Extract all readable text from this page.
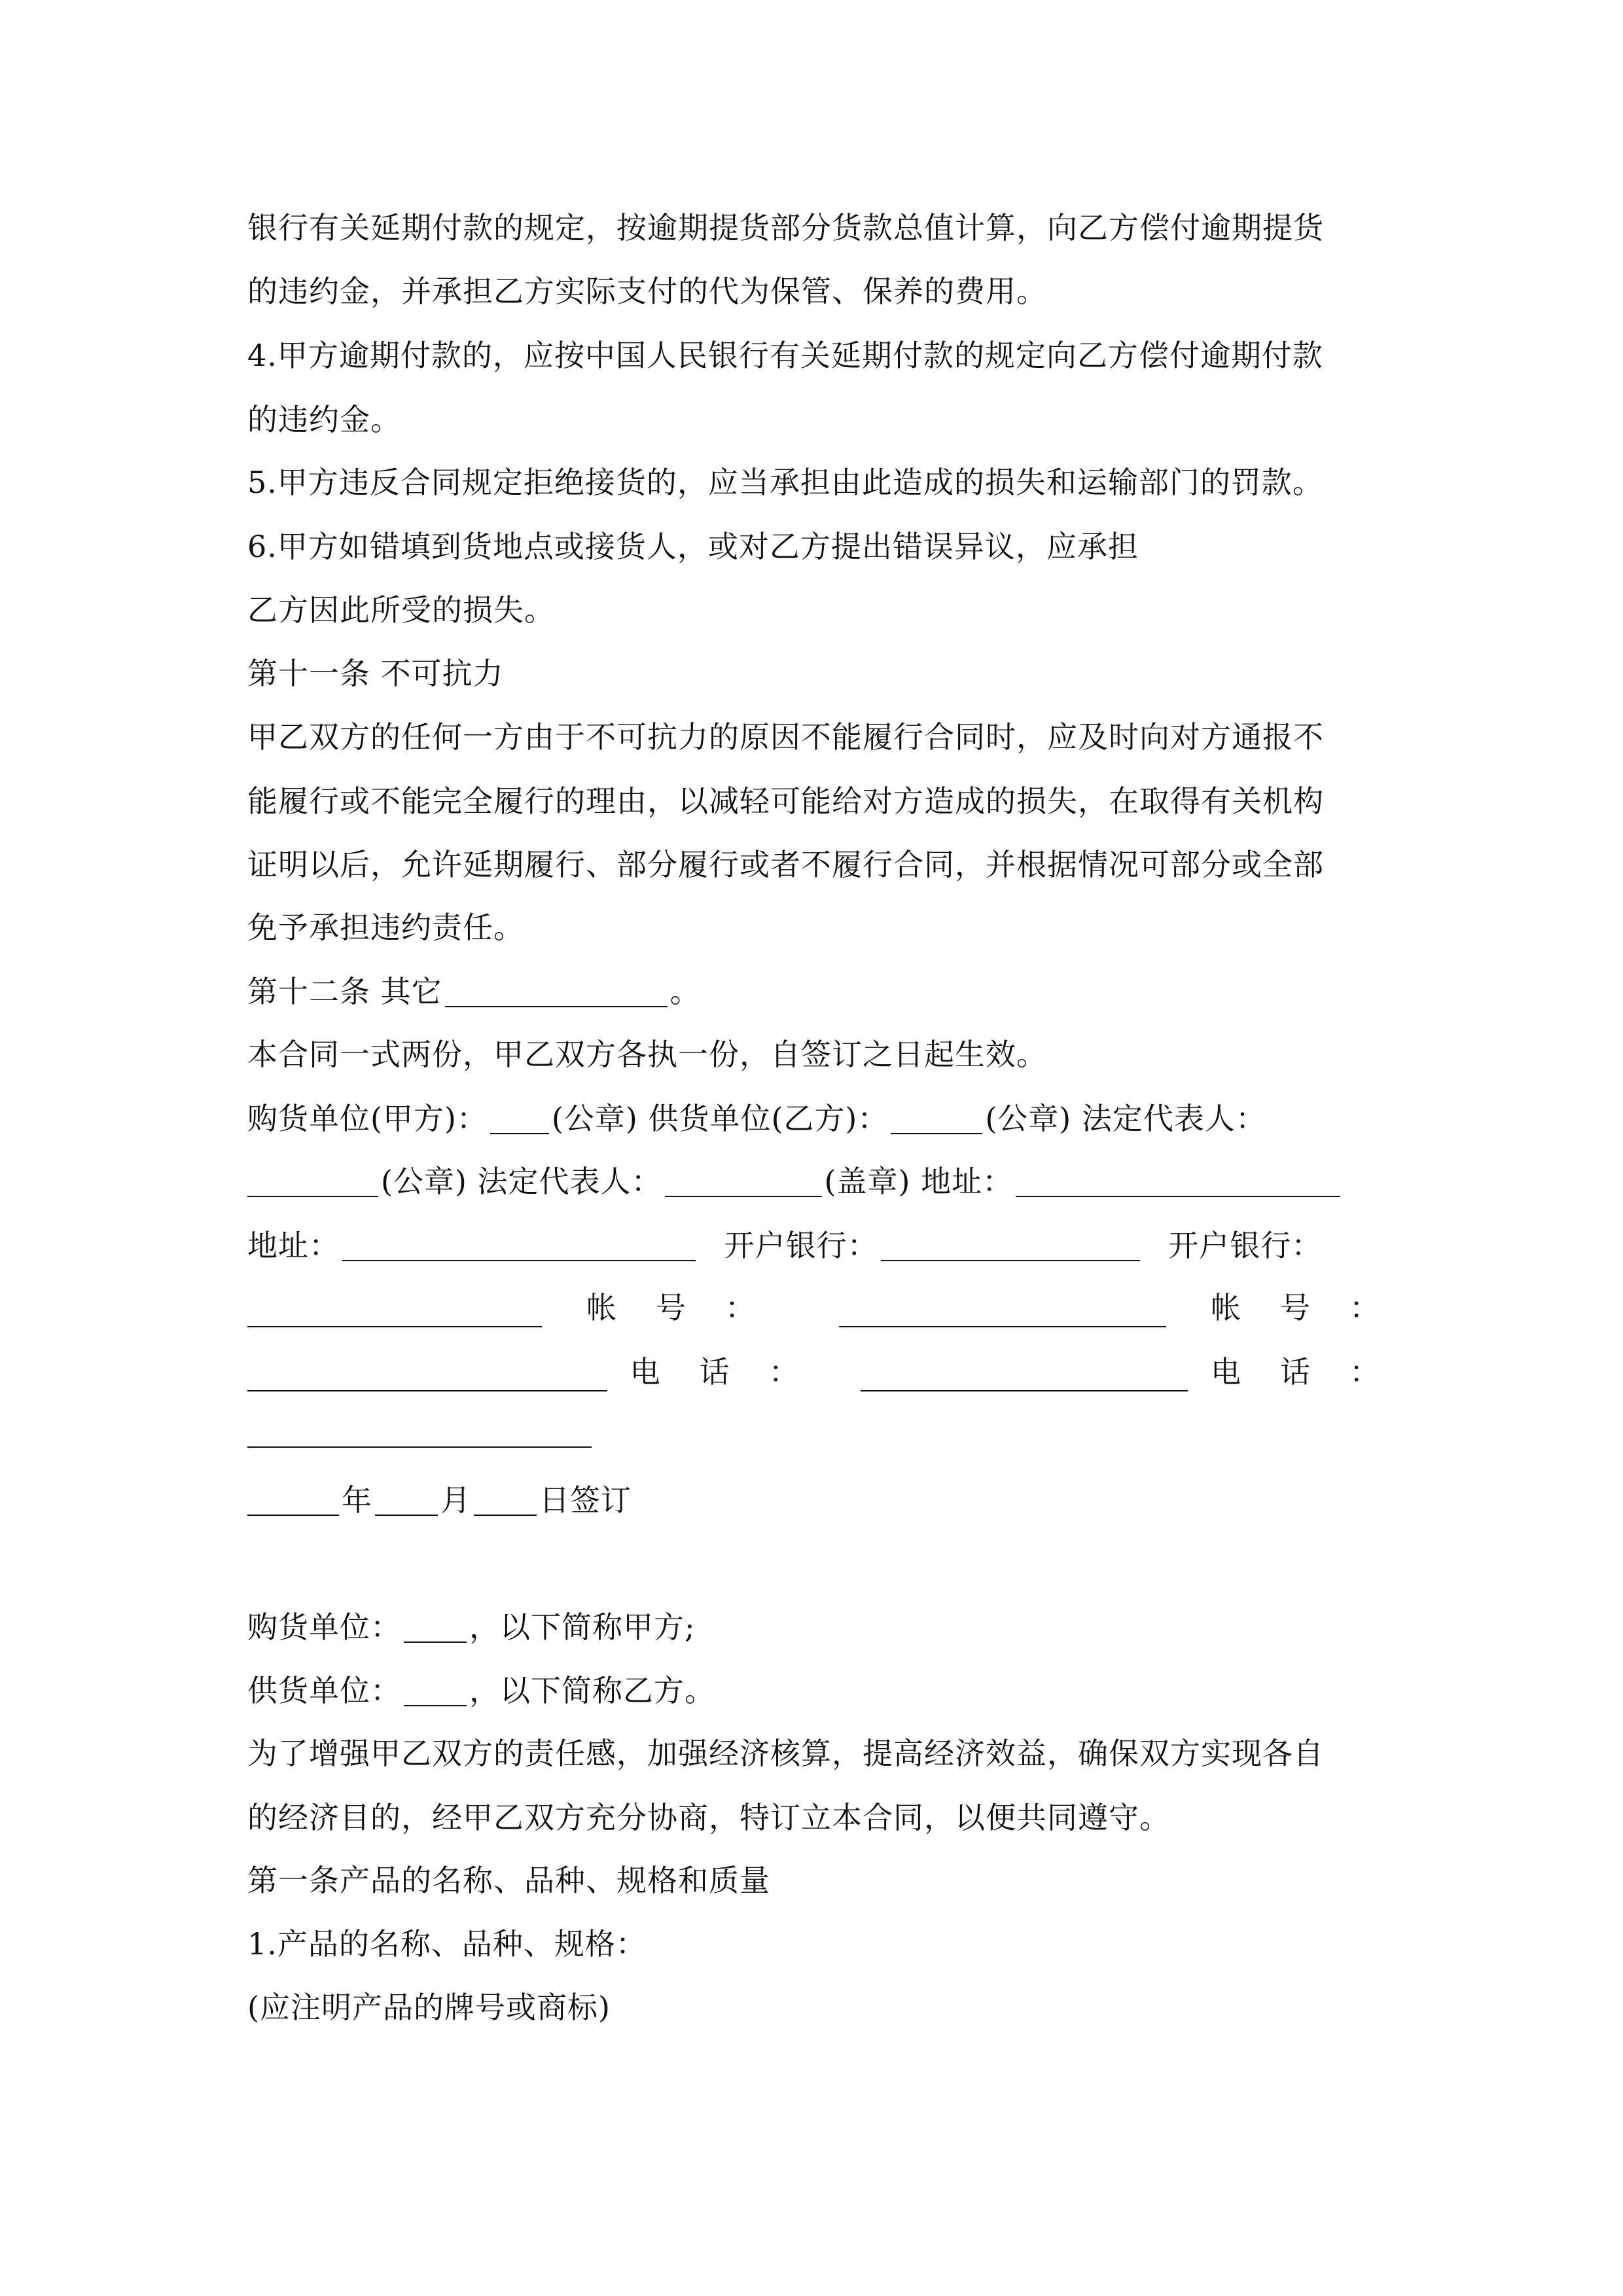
银行有关延期付款的规定，按逾期提货部分货款总值计算，向乙方偿付逾期提货
的违约金，并承担乙方实际支付的代为保管、保养的费用。
4.甲方逾期付款的，应按中国人民银行有关延期付款的规定向乙方偿付逾期付款
的违约金。
5.甲方违反合同规定拒绝接货的，应当承担由此造成的损失和运输部门的罚款。
6.甲方如错填到货地点或接货人，或对乙方提出错误异议，应承担
乙方因此所受的损失。
第十一条 不可抗力
甲乙双方的任何一方由于不可抗力的原因不能履行合同时，应及时向对方通报不
能履行或不能完全履行的理由，以减轻可能给对方造成的损失，在取得有关机构
证明以后，允许延期履行、部分履行或者不履行合同，并根据情况可部分或全部
免予承担违约责任。
第十二条 其它	。
本合同一式两份，甲乙双方各执一份，自签订之日起生效。
购货单位(甲方)： (公章) 供货单位(乙方)：	(公章) 法定代表人：
(公章) 法定代表人：	(盖章) 地址：
地址：	开户银行：	开户银行：
帐号：	帐号：
电话：	电话：
年 月 日签订
购货单位： ，以下简称甲方;
供货单位： ，以下简称乙方。
为了增强甲乙双方的责任感，加强经济核算，提高经济效益，确保双方实现各自
的经济目的，经甲乙双方充分协商，特订立本合同，以便共同遵守。
第一条产品的名称、品种、规格和质量
1.产品的名称、品种、规格：
(应注明产品的牌号或商标)
